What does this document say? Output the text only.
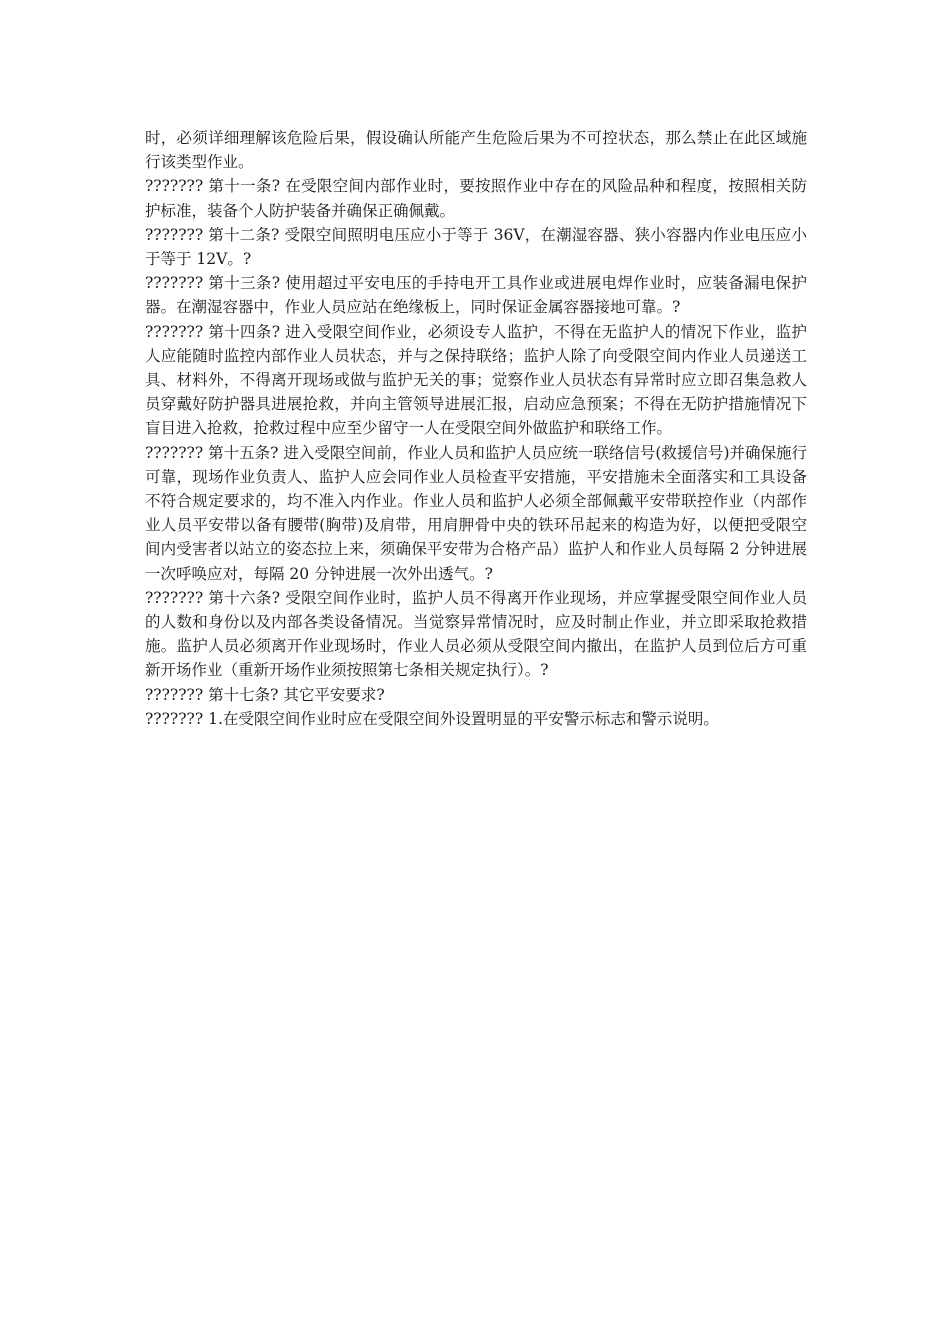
时，必须详细理解该危险后果，假设确认所能产生危险后果为不可控状态，那么禁止在此区域施行该类型作业。

??????? 第十一条? 在受限空间内部作业时，要按照作业中存在的风险品种和程度，按照相关防护标准，装备个人防护装备并确保正确佩戴。

??????? 第十二条? 受限空间照明电压应小于等于 36V，在潮湿容器、狭小容器内作业电压应小于等于 12V。?

??????? 第十三条? 使用超过平安电压的手持电开工具作业或进展电焊作业时，应装备漏电保护器。在潮湿容器中，作业人员应站在绝缘板上，同时保证金属容器接地可靠。?

??????? 第十四条? 进入受限空间作业，必须设专人监护，不得在无监护人的情况下作业，监护人应能随时监控内部作业人员状态，并与之保持联络；监护人除了向受限空间内作业人员递送工具、材料外，不得离开现场或做与监护无关的事；觉察作业人员状态有异常时应立即召集急救人员穿戴好防护器具进展抢救，并向主管领导进展汇报，启动应急预案；不得在无防护措施情况下盲目进入抢救，抢救过程中应至少留守一人在受限空间外做监护和联络工作。

??????? 第十五条? 进入受限空间前，作业人员和监护人员应统一联络信号(救援信号)并确保施行可靠，现场作业负责人、监护人应会同作业人员检查平安措施，平安措施未全面落实和工具设备不符合规定要求的，均不准入内作业。作业人员和监护人必须全部佩戴平安带联控作业（内部作业人员平安带以备有腰带(胸带)及肩带，用肩胛骨中央的铁环吊起来的构造为好，以便把受限空间内受害者以站立的姿态拉上来，须确保平安带为合格产品）监护人和作业人员每隔 2 分钟进展一次呼唤应对，每隔 20 分钟进展一次外出透气。?

??????? 第十六条? 受限空间作业时，监护人员不得离开作业现场，并应掌握受限空间作业人员的人数和身份以及内部各类设备情况。当觉察异常情况时，应及时制止作业，并立即采取抢救措施。监护人员必须离开作业现场时，作业人员必须从受限空间内撤出，在监护人员到位后方可重新开场作业（重新开场作业须按照第七条相关规定执行）。?

??????? 第十七条? 其它平安要求?

??????? 1.在受限空间作业时应在受限空间外设置明显的平安警示标志和警示说明。
